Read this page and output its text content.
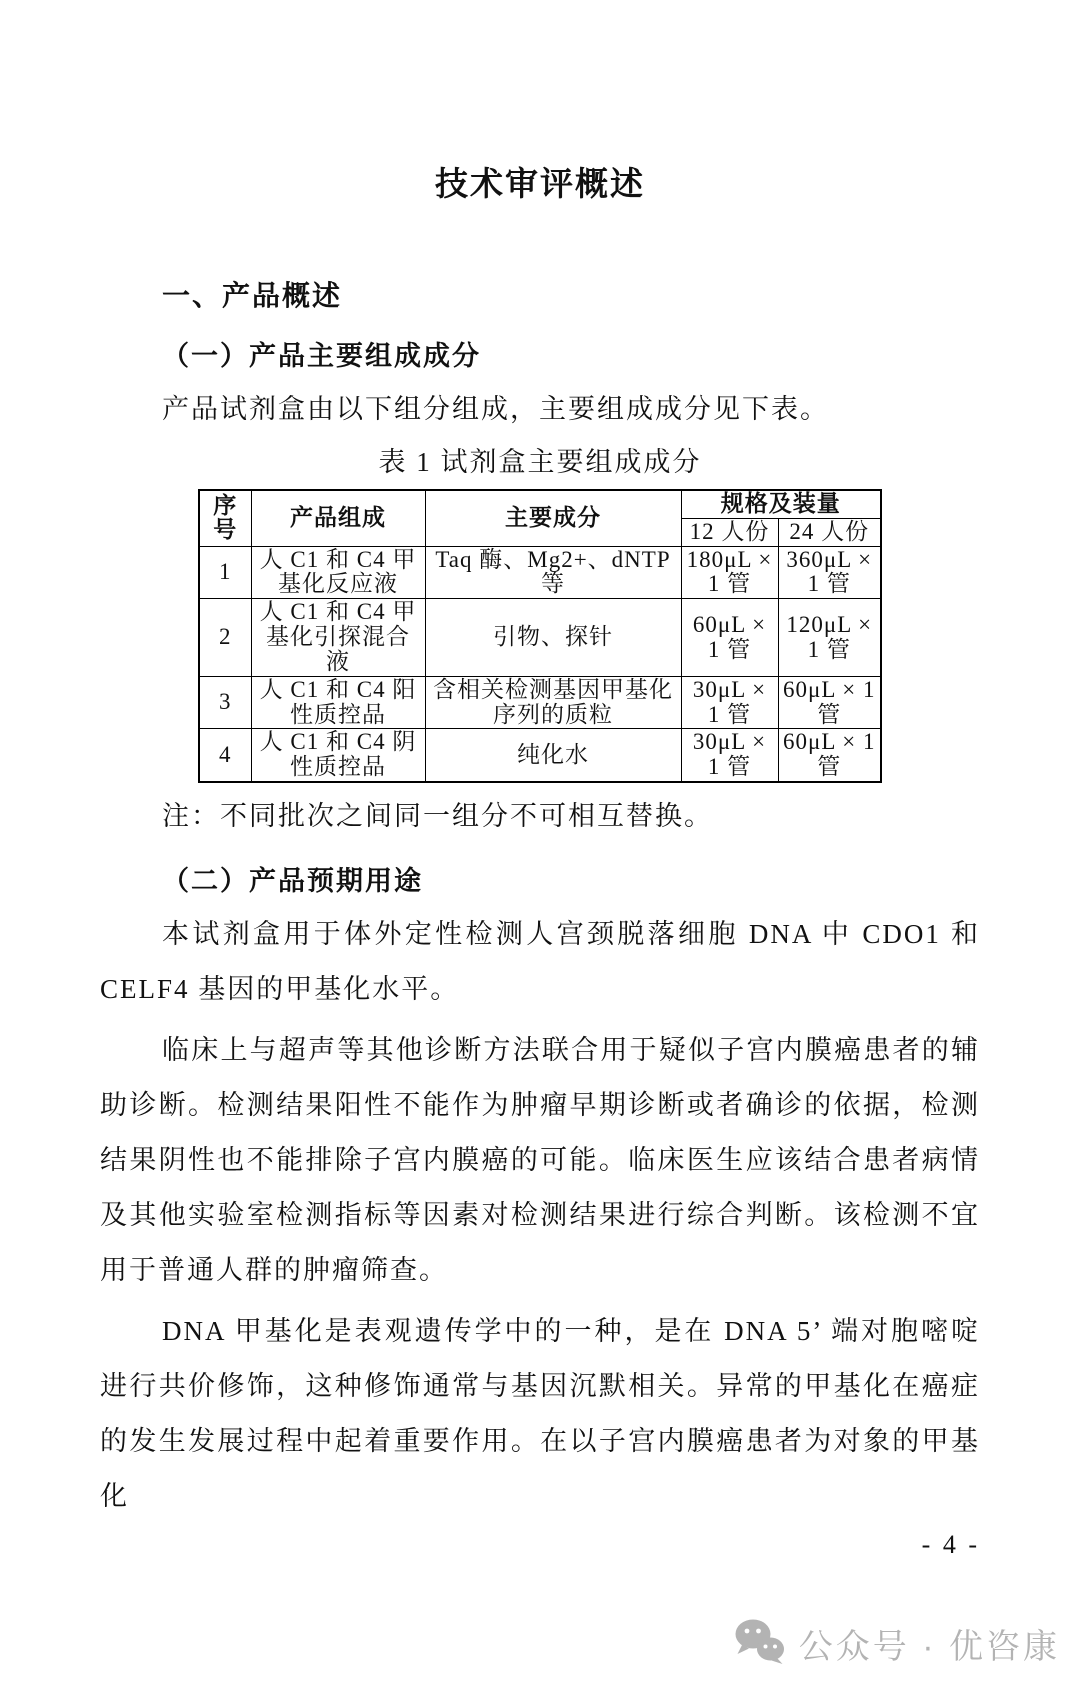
技术审评概述
一、产品概述
（一）产品主要组成成分

产品试剂盒由以下组分组成，主要组成成分见下表。

表 1 试剂盒主要组成成分
序号	产品组成	主要成分	规格及装量	
			12 人份	24 人份
1	人 C1 和 C4 甲基化反应液	Taq 酶、Mg2+、dNTP 等	180μL × 1 管	360μL × 1 管
2	人 C1 和 C4 甲基化引探混合液	引物、探针	60μL × 1 管	120μL × 1 管
3	人 C1 和 C4 阳性质控品	含相关检测基因甲基化序列的质粒	30μL × 1 管	60μL × 1 管
4	人 C1 和 C4 阴性质控品	纯化水	30μL × 1 管	60μL × 1 管

注：不同批次之间同一组分不可相互替换。

（二）产品预期用途

本试剂盒用于体外定性检测人宫颈脱落细胞 DNA 中 CDO1 和 CELF4 基因的甲基化水平。

临床上与超声等其他诊断方法联合用于疑似子宫内膜癌患者的辅助诊断。检测结果阳性不能作为肿瘤早期诊断或者确诊的依据，检测结果阴性也不能排除子宫内膜癌的可能。临床医生应该结合患者病情及其他实验室检测指标等因素对检测结果进行综合判断。该检测不宜用于普通人群的肿瘤筛查。

DNA 甲基化是表观遗传学中的一种，是在 DNA 5’ 端对胞嘧啶进行共价修饰，这种修饰通常与基因沉默相关。异常的甲基化在癌症的发生发展过程中起着重要作用。在以子宫内膜癌患者为对象的甲基化

- 4 -
公众号 · 优咨康
